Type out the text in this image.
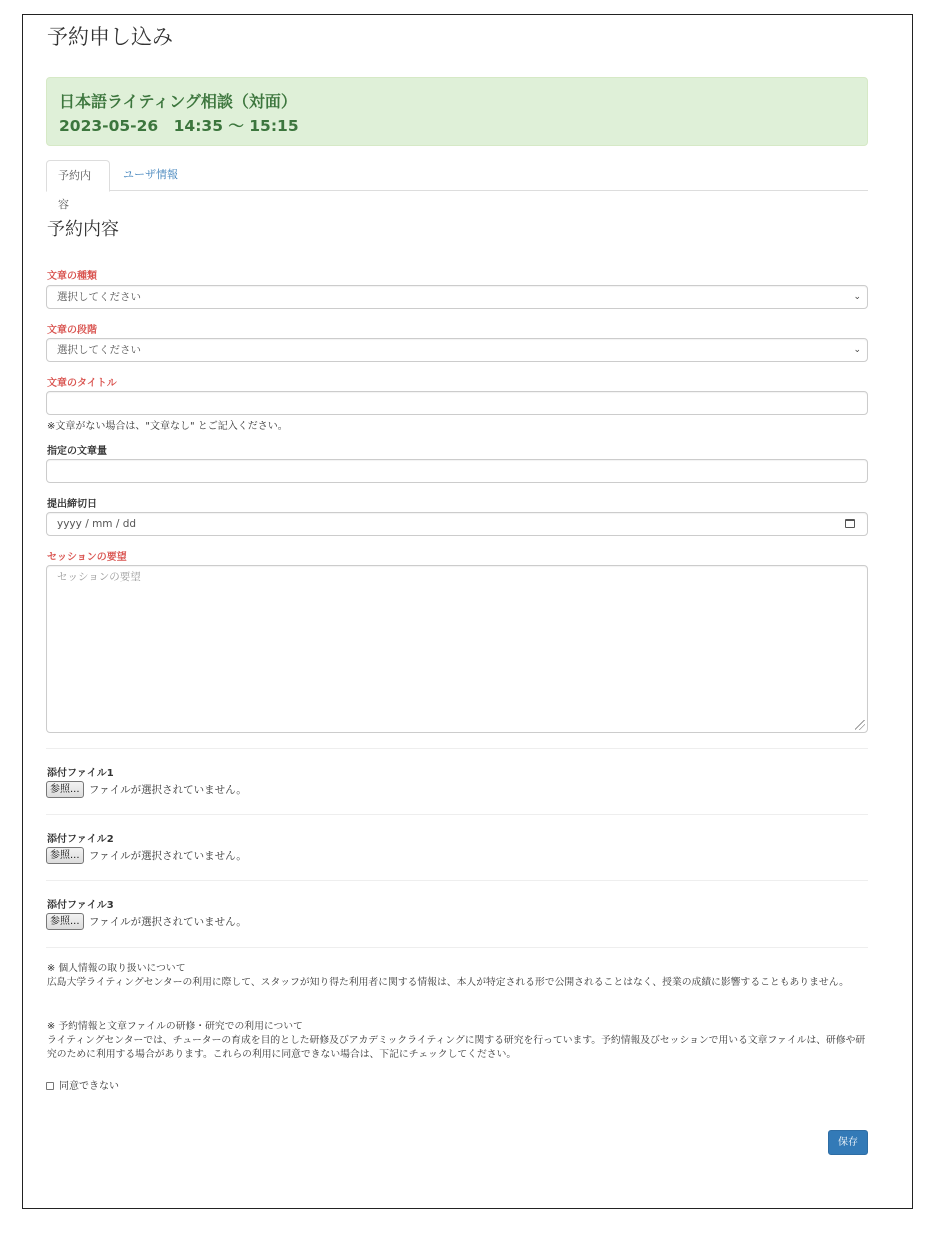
予約申し込み
日本語ライティング相談（対面）
2023-05-26　14:35 ～ 15:15
予約内容
ユーザ情報
予約内容
文章の種類
選択してください	⌄
文章の段階
選択してください	⌄
文章のタイトル
※文章がない場合は、"文章なし" とご記入ください。
指定の文章量
提出締切日
yyyy / mm / dd
セッションの要望
セッションの要望
添付ファイル1
参照... ファイルが選択されていません。
添付ファイル2
参照... ファイルが選択されていません。
添付ファイル3
参照... ファイルが選択されていません。

※ 個人情報の取り扱いについて
広島大学ライティングセンターの利用に際して、スタッフが知り得た利用者に関する情報は、本人が特定される形で公開されることはなく、授業の成績に影響することもありません。

※ 予約情報と文章ファイルの研修・研究での利用について
ライティングセンターでは、チューターの育成を目的とした研修及びアカデミックライティングに関する研究を行っています。予約情報及びセッションで用いる文章ファイルは、研修や研究のために利用する場合があります。これらの利用に同意できない場合は、下記にチェックしてください。

同意できない
保存
